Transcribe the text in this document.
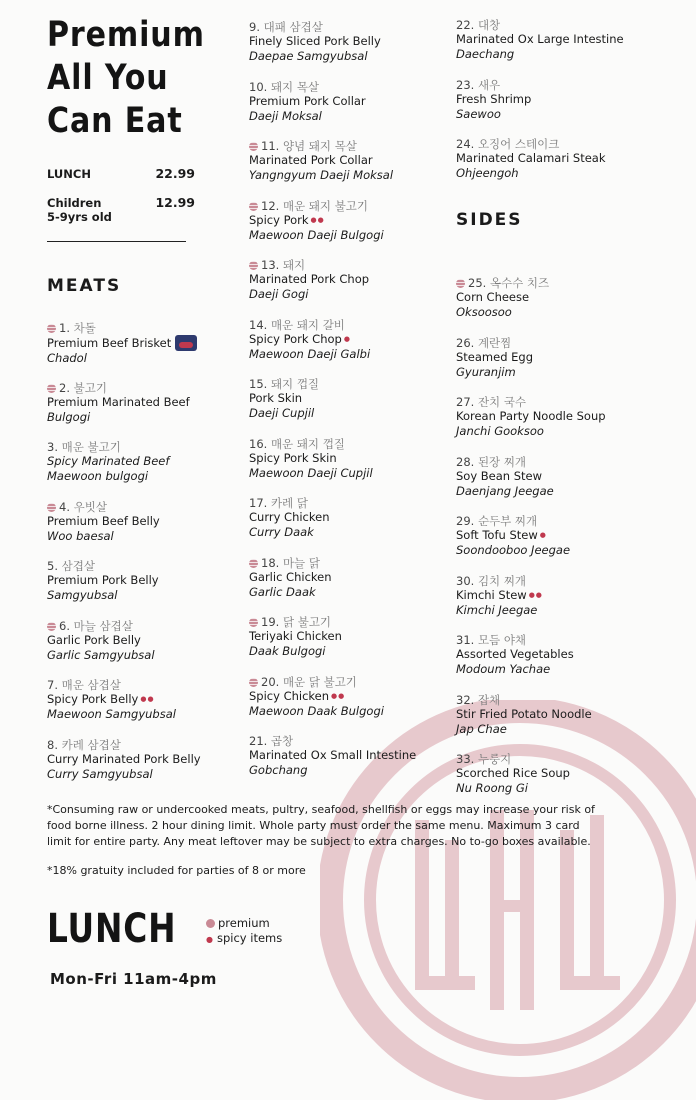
Premium
All You
Can Eat
LUNCH	22.99
Children
5-9yrs old
12.99
MEATS
SIDES
1. 차돌
Premium Beef Brisket
Chadol
2. 불고기
Premium Marinated Beef
Bulgogi
3. 매운 불고기
Spicy Marinated Beef
Maewoon bulgogi
4. 우빗살
Premium Beef Belly
Woo baesal
5. 삼겹살
Premium Pork Belly
Samgyubsal
6. 마늘 삼겹살
Garlic Pork Belly
Garlic Samgyubsal
7. 매운 삼겹살
Spicy Pork Belly ●●
Maewoon Samgyubsal
8. 카레 삼겹살
Curry Marinated Pork Belly
Curry Samgyubsal
9. 대패 삼겹살
Finely Sliced Pork Belly
Daepae Samgyubsal
10. 돼지 목살
Premium Pork Collar
Daeji Moksal
11. 양념 돼지 목살
Marinated Pork Collar
Yangngyum Daeji Moksal
12. 매운 돼지 불고기
Spicy Pork ●●
Maewoon Daeji Bulgogi
13. 돼지
Marinated Pork Chop
Daeji Gogi
14. 매운 돼지 갈비
Spicy Pork Chop ●
Maewoon Daeji Galbi
15. 돼지 껍질
Pork Skin
Daeji Cupjil
16. 매운 돼지 껍질
Spicy Pork Skin
Maewoon Daeji Cupjil
17. 카레 닭
Curry Chicken
Curry Daak
18. 마늘 닭
Garlic Chicken
Garlic Daak
19. 닭 불고기
Teriyaki Chicken
Daak Bulgogi
20. 매운 닭 불고기
Spicy Chicken ●●
Maewoon Daak Bulgogi
21. 곱창
Marinated Ox Small Intestine
Gobchang
22. 대창
Marinated Ox Large Intestine
Daechang
23. 새우
Fresh Shrimp
Saewoo
24. 오징어 스테이크
Marinated Calamari Steak
Ohjeengoh
25. 옥수수 치즈
Corn Cheese
Oksoosoo
26. 계란찜
Steamed Egg
Gyuranjim
27. 잔치 국수
Korean Party Noodle Soup
Janchi Gooksoo
28. 된장 찌개
Soy Bean Stew
Daenjang Jeegae
29. 순두부 찌개
Soft Tofu Stew ●
Soondooboo Jeegae
30. 김치 찌개
Kimchi Stew ●●
Kimchi Jeegae
31. 모듬 야채
Assorted Vegetables
Modoum Yachae
32. 잡채
Stir Fried Potato Noodle
Jap Chae
33. 누룽지
Scorched Rice Soup
Nu Roong Gi
*Consuming raw or undercooked meats, pultry, seafood, shellfish or eggs may increase your risk of food borne illness. 2 hour dining limit. Whole party must order the same menu. Maximum 3 card limit for entire party. Any meat leftover may be subject to extra charges. No to-go boxes available.
*18% gratuity included for parties of 8 or more
LUNCH	premium
● spicy items
Mon-Fri 11am-4pm
